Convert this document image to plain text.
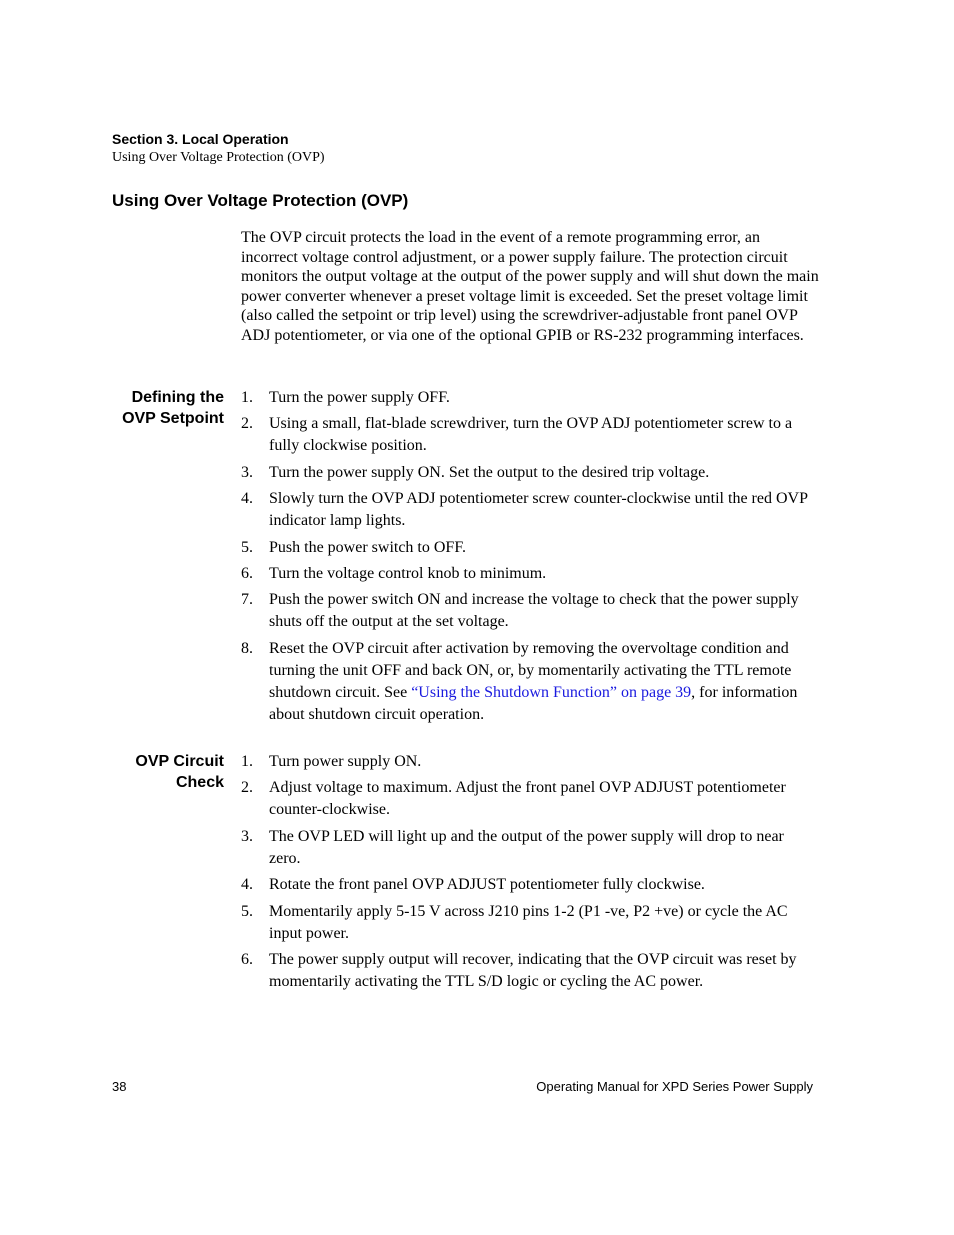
Section 3. Local Operation
Using Over Voltage Protection (OVP)
Using Over Voltage Protection (OVP)

The OVP circuit protects the load in the event of a remote programming error, an incorrect voltage control adjustment, or a power supply failure. The protection circuit monitors the output voltage at the output of the power supply and will shut down the main power converter whenever a preset voltage limit is exceeded. Set the preset voltage limit (also called the setpoint or trip level) using the screwdriver-adjustable front panel OVP ADJ potentiometer, or via one of the optional GPIB or RS-232 programming interfaces.

Defining the
OVP Setpoint
1. Turn the power supply OFF.
2. Using a small, flat-blade screwdriver, turn the OVP ADJ potentiometer screw to a fully clockwise position.
3. Turn the power supply ON. Set the output to the desired trip voltage.
4. Slowly turn the OVP ADJ potentiometer screw counter-clockwise until the red OVP indicator lamp lights.
5. Push the power switch to OFF.
6. Turn the voltage control knob to minimum.
7. Push the power switch ON and increase the voltage to check that the power supply shuts off the output at the set voltage.
8. Reset the OVP circuit after activation by removing the overvoltage condition and turning the unit OFF and back ON, or, by momentarily activating the TTL remote shutdown circuit. See “Using the Shutdown Function” on page 39, for information about shutdown circuit operation.
OVP Circuit
Check
1. Turn power supply ON.
2. Adjust voltage to maximum. Adjust the front panel OVP ADJUST potentiometer counter-clockwise.
3. The OVP LED will light up and the output of the power supply will drop to near zero.
4. Rotate the front panel OVP ADJUST potentiometer fully clockwise.
5. Momentarily apply 5-15 V across J210 pins 1-2 (P1 -ve, P2 +ve) or cycle the AC input power.
6. The power supply output will recover, indicating that the OVP circuit was reset by momentarily activating the TTL S/D logic or cycling the AC power.
38	Operating Manual for XPD Series Power Supply
